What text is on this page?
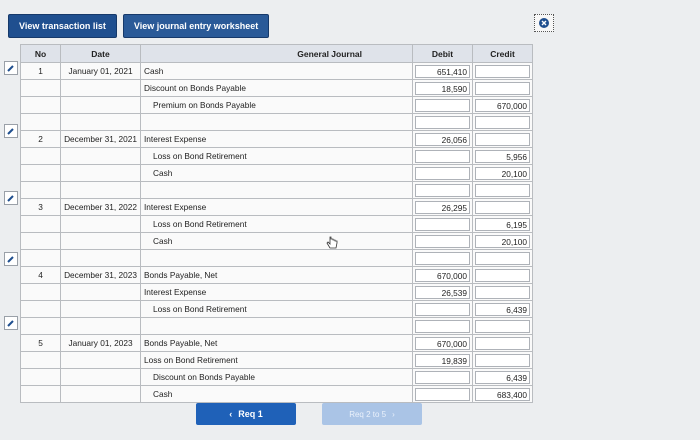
View transaction list	View journal entry worksheet
No	Date	General Journal	Debit	Credit
1	January 01, 2021	Cash	651,410	

		Discount on Bonds Payable	18,590	

		Premium on Bonds Payable		670,000

2	December 31, 2021	Interest Expense	26,056	

		Loss on Bond Retirement		5,956

		Cash		20,100

3	December 31, 2022	Interest Expense	26,295	

		Loss on Bond Retirement		6,195

		Cash		20,100

4	December 31, 2023	Bonds Payable, Net	670,000	

		Interest Expense	26,539	

		Loss on Bond Retirement		6,439

5	January 01, 2023	Bonds Payable, Net	670,000	

		Loss on Bond Retirement	19,839	

		Discount on Bonds Payable		6,439

		Cash		683,400
‹ Req 1	Req 2 to 5 ›
